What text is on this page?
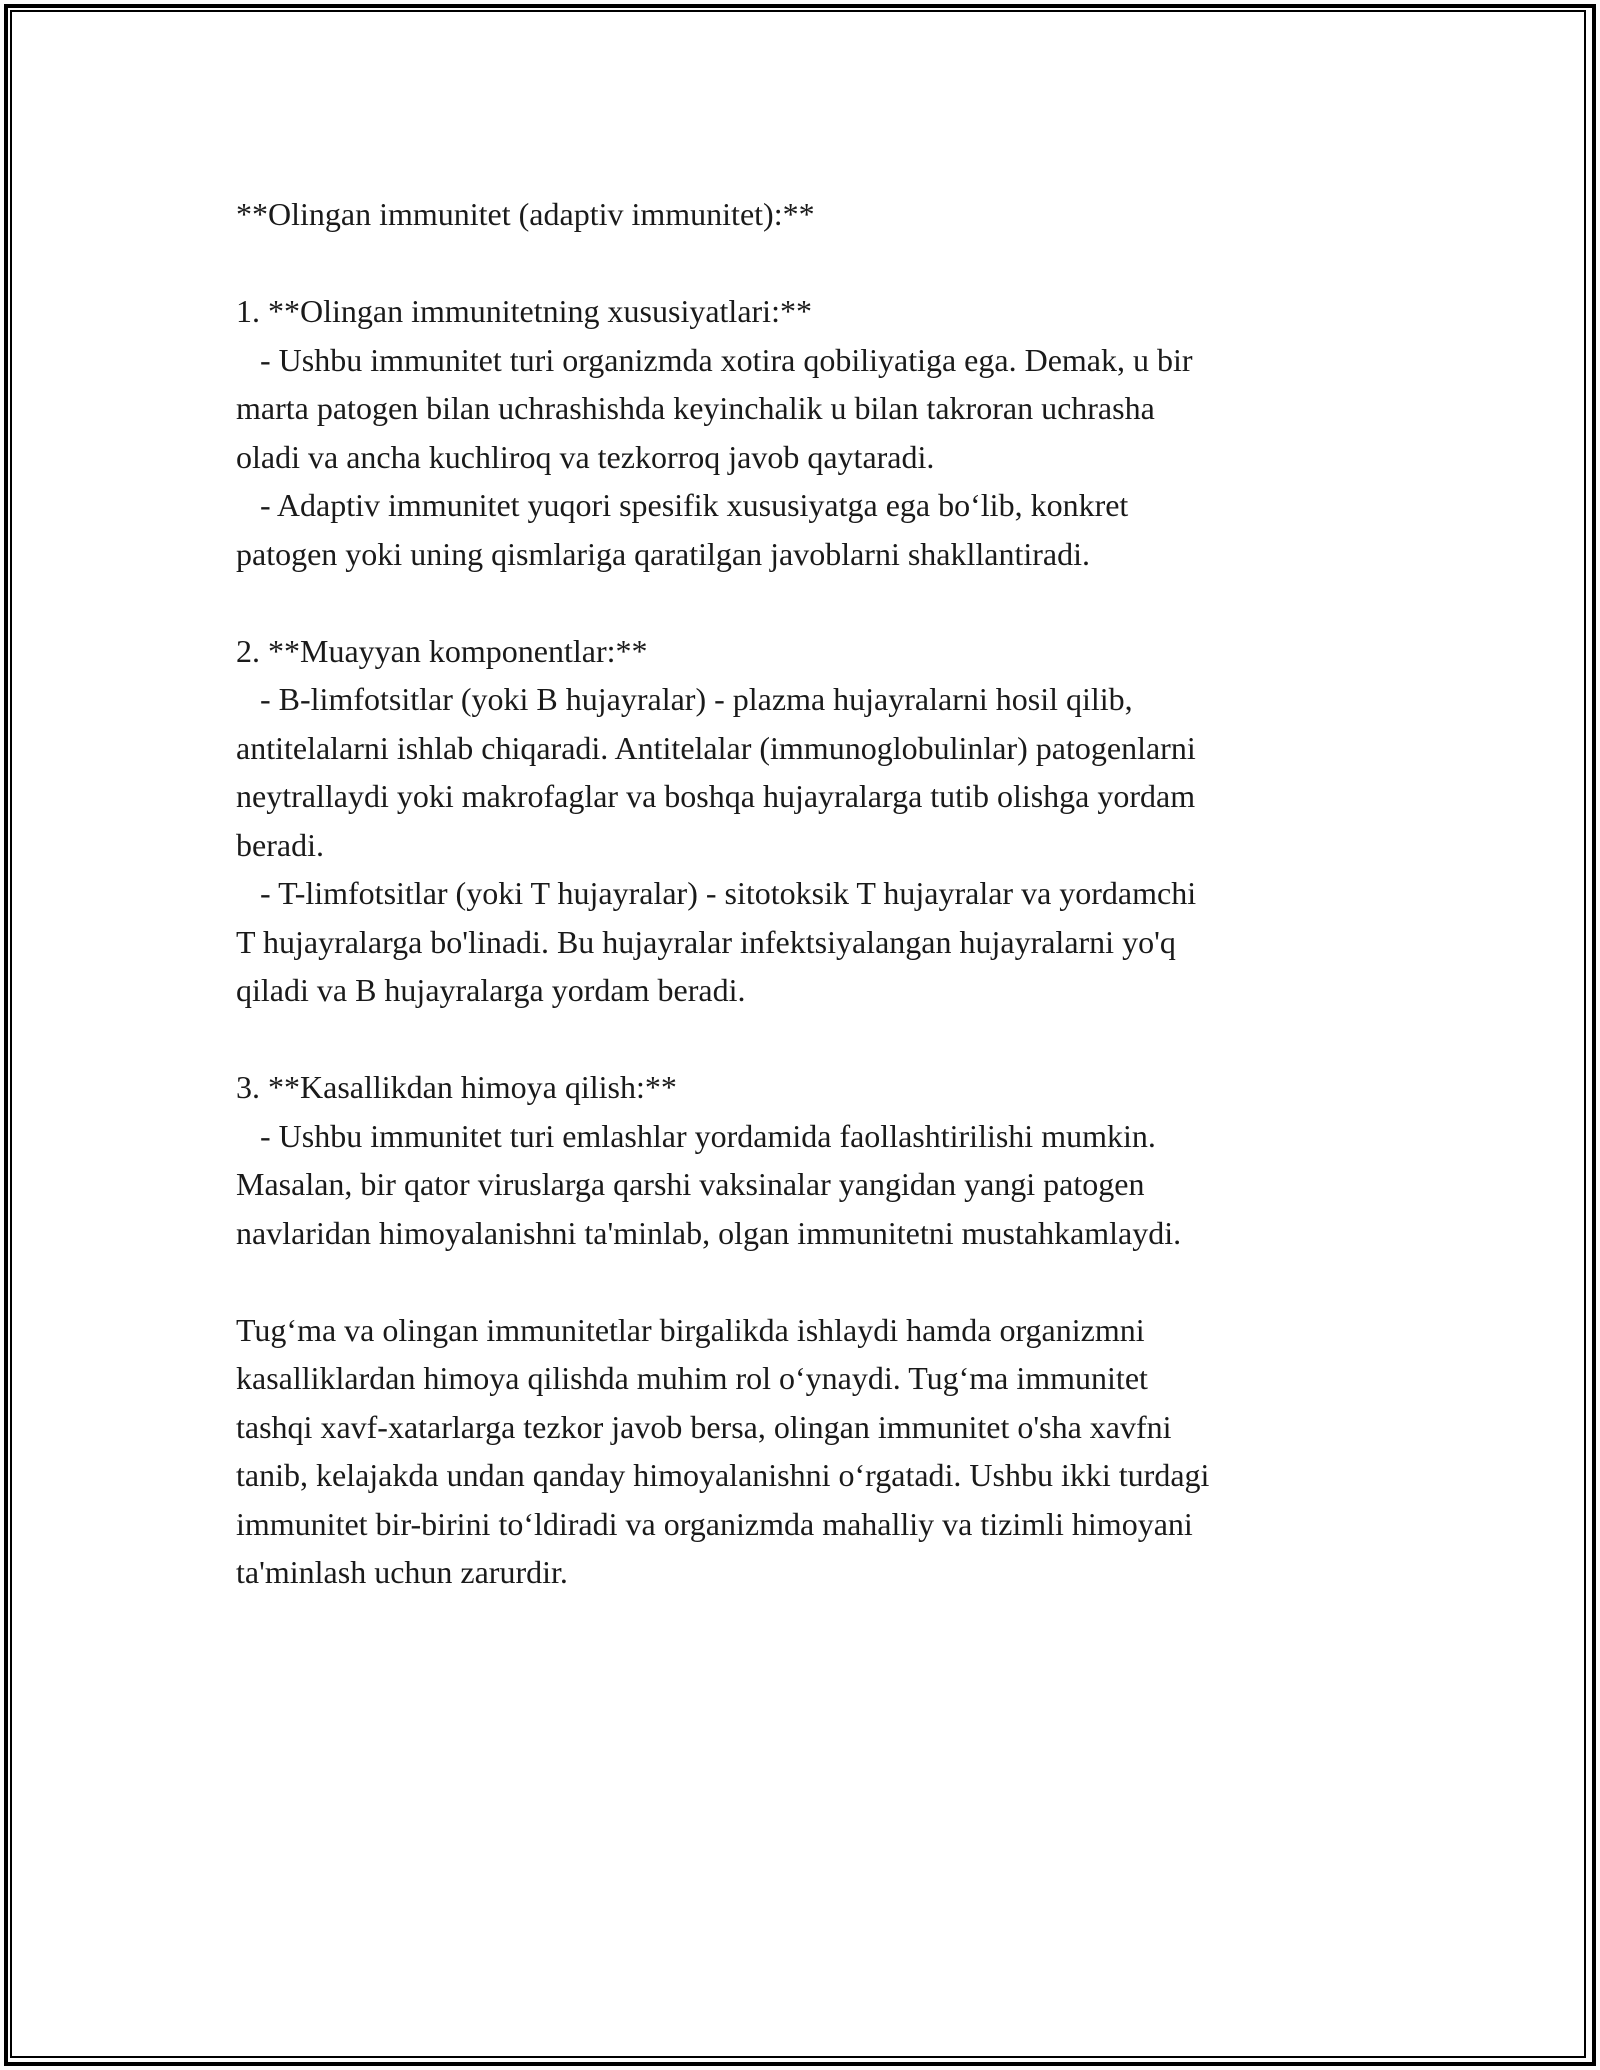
**Olingan immunitet (adaptiv immunitet):**
1. **Olingan immunitetning xususiyatlari:**
- Ushbu immunitet turi organizmda xotira qobiliyatiga ega. Demak, u bir
marta patogen bilan uchrashishda keyinchalik u bilan takroran uchrasha
oladi va ancha kuchliroq va tezkorroq javob qaytaradi.
- Adaptiv immunitet yuqori spesifik xususiyatga ega bo‘lib, konkret
patogen yoki uning qismlariga qaratilgan javoblarni shakllantiradi.
2. **Muayyan komponentlar:**
- B-limfotsitlar (yoki B hujayralar) - plazma hujayralarni hosil qilib,
antitelalarni ishlab chiqaradi. Antitelalar (immunoglobulinlar) patogenlarni
neytrallaydi yoki makrofaglar va boshqa hujayralarga tutib olishga yordam
beradi.
- T-limfotsitlar (yoki T hujayralar) - sitotoksik T hujayralar va yordamchi
T hujayralarga bo'linadi. Bu hujayralar infektsiyalangan hujayralarni yo'q
qiladi va B hujayralarga yordam beradi.
3. **Kasallikdan himoya qilish:**
- Ushbu immunitet turi emlashlar yordamida faollashtirilishi mumkin.
Masalan, bir qator viruslarga qarshi vaksinalar yangidan yangi patogen
navlaridan himoyalanishni ta'minlab, olgan immunitetni mustahkamlaydi.
Tug‘ma va olingan immunitetlar birgalikda ishlaydi hamda organizmni
kasalliklardan himoya qilishda muhim rol o‘ynaydi. Tug‘ma immunitet
tashqi xavf-xatarlarga tezkor javob bersa, olingan immunitet o'sha xavfni
tanib, kelajakda undan qanday himoyalanishni o‘rgatadi. Ushbu ikki turdagi
immunitet bir-birini to‘ldiradi va organizmda mahalliy va tizimli himoyani
ta'minlash uchun zarurdir.
